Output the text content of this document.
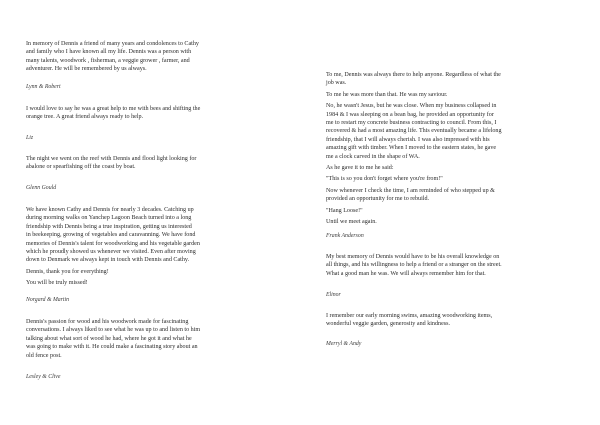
In memory of Dennis a friend of many years and condolences to Cathy
and family who I have known all my life. Dennis was a person with
many talents, woodwork , fisherman, a veggie grower , farmer, and
adventurer. He will be remembered by us always.

Lynn & Robert

I would love to say he was a great help to me with bees and shifting the
orange tree. A great friend always ready to help.

Liz

The night we went on the reef with Dennis and flood light looking for
abalone or spearfishing off the coast by boat.

Glenn Gould

We have known Cathy and Dennis for nearly 3 decades. Catching up
during morning walks on Yanchep Lagoon Beach turned into a long
friendship with Dennis being a true inspiration, getting us interested
in beekeeping, growing of vegetables and caravanning. We have fond
memories of Dennis's talent for woodworking and his vegetable garden
which he proudly showed us whenever we visited. Even after moving
down to Denmark we always kept in touch with Dennis and Cathy.

Dennis, thank you for everything!

You will be truly missed!

Norgard & Martin

Dennis's passion for wood and his woodwork made for fascinating
conversations. I always liked to see what he was up to and listen to him
talking about what sort of wood he had, where he got it and what he
was going to make with it. He could make a fascinating story about an
old fence post.

Lesley & Clive

To me, Dennis was always there to help anyone. Regardless of what the
job was.

To me he was more than that. He was my saviour.

No, he wasn't Jesus, but he was close. When my business collapsed in
1984 & I was sleeping on a bean bag, he provided an opportunity for
me to restart my concrete business contracting to council. From this, I
recovered & had a most amazing life. This eventually became a lifelong
friendship, that I will always cherish. I was also impressed with his
amazing gift with timber. When I moved to the eastern states, he gave
me a clock carved in the shape of WA.

As he gave it to me he said:

"This is so you don't forget where you're from!"

Now whenever I check the time, I am reminded of who stepped up &
provided an opportunity for me to rebuild.

"Hang Loose!"

Until we meet again.

Frank Anderson

My best memory of Dennis would have to be his overall knowledge on
all things, and his willingness to help a friend or a stranger on the street.
What a good man he was. We will always remember him for that.

Elinor

I remember our early morning swims, amazing woodworking items,
wonderful veggie garden, generosity and kindness.

Merryl & Andy
